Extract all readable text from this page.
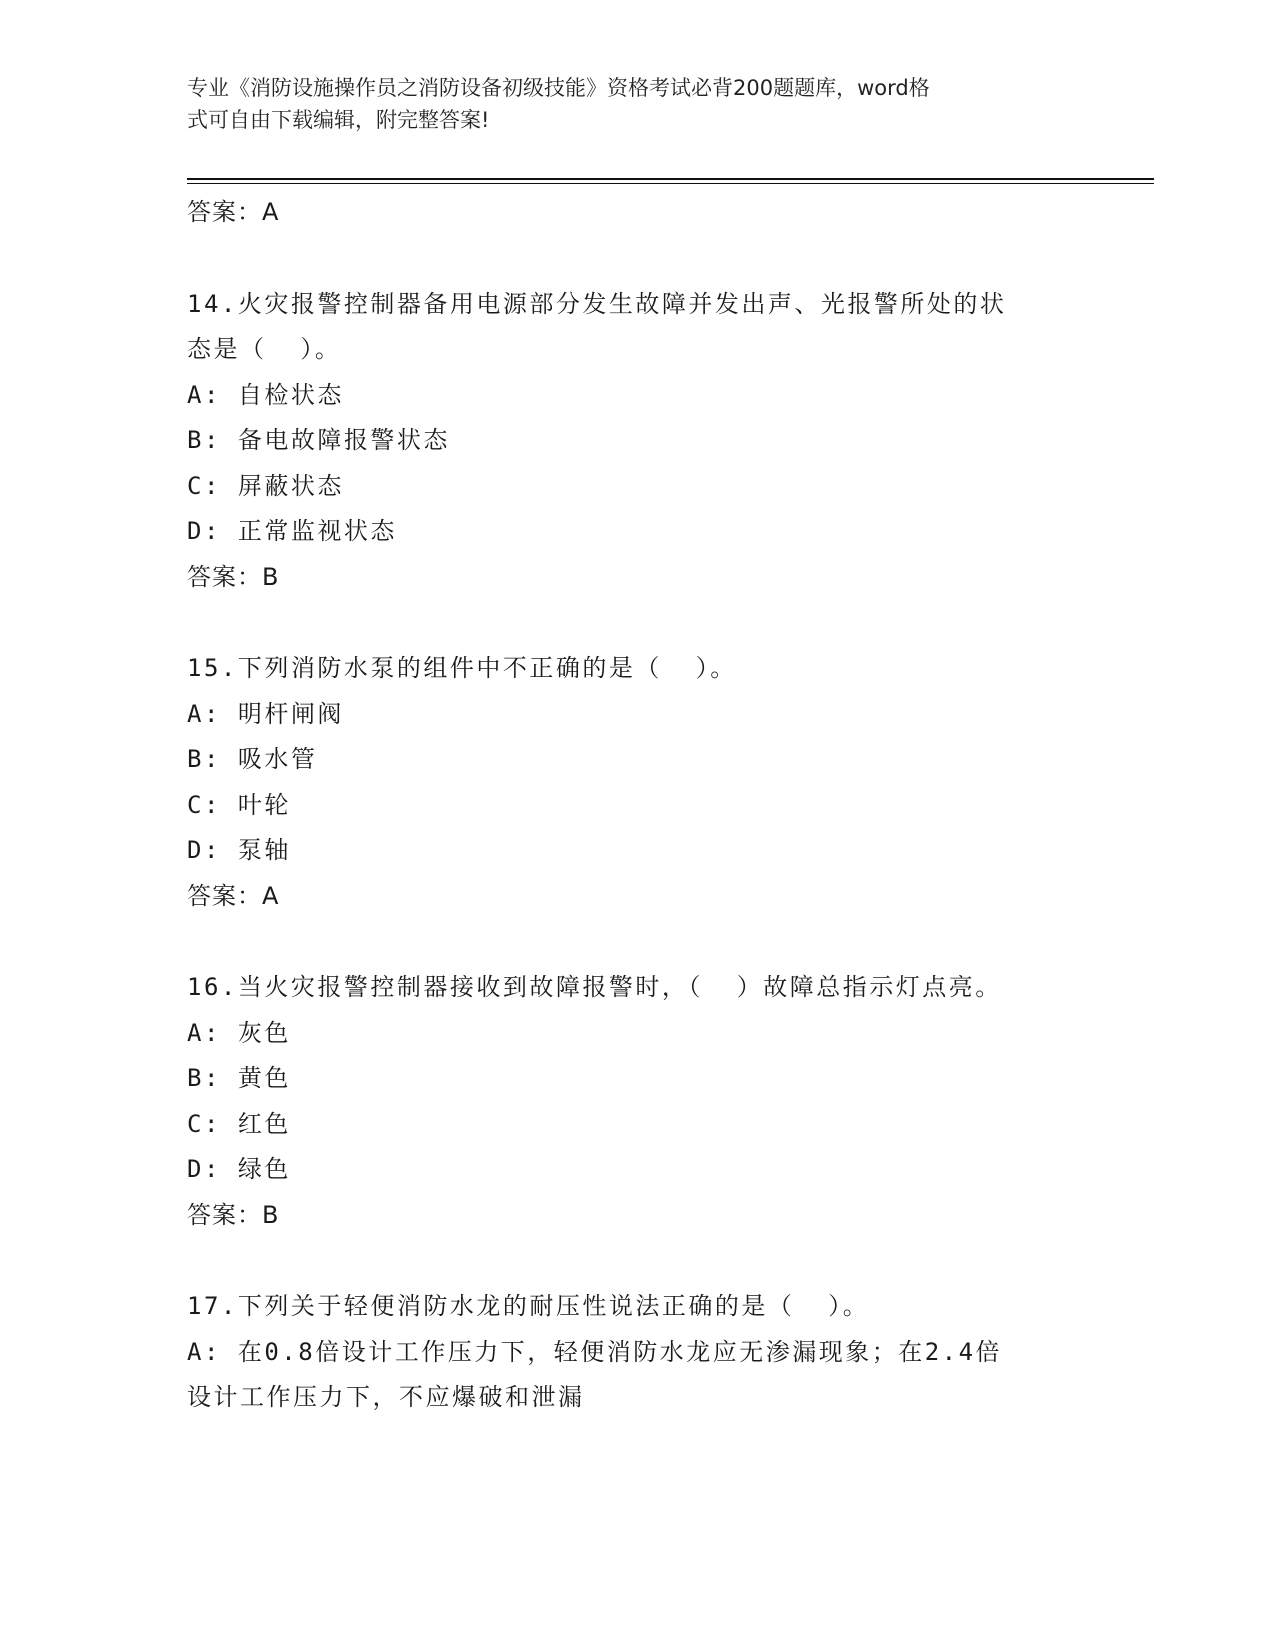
专业《消防设施操作员之消防设备初级技能》资格考试必背200题题库，word格
式可自由下载编辑，附完整答案!
答案：A
14.火灾报警控制器备用电源部分发生故障并发出声、光报警所处的状
态是（  ）。
A: 自检状态
B: 备电故障报警状态
C: 屏蔽状态
D: 正常监视状态
答案：B
15.下列消防水泵的组件中不正确的是（  ）。
A: 明杆闸阀
B: 吸水管
C: 叶轮
D: 泵轴
答案：A
16.当火灾报警控制器接收到故障报警时，（  ）故障总指示灯点亮。
A: 灰色
B: 黄色
C: 红色
D: 绿色
答案：B
17.下列关于轻便消防水龙的耐压性说法正确的是（  ）。
A: 在0.8倍设计工作压力下，轻便消防水龙应无渗漏现象；在2.4倍
设计工作压力下，不应爆破和泄漏
